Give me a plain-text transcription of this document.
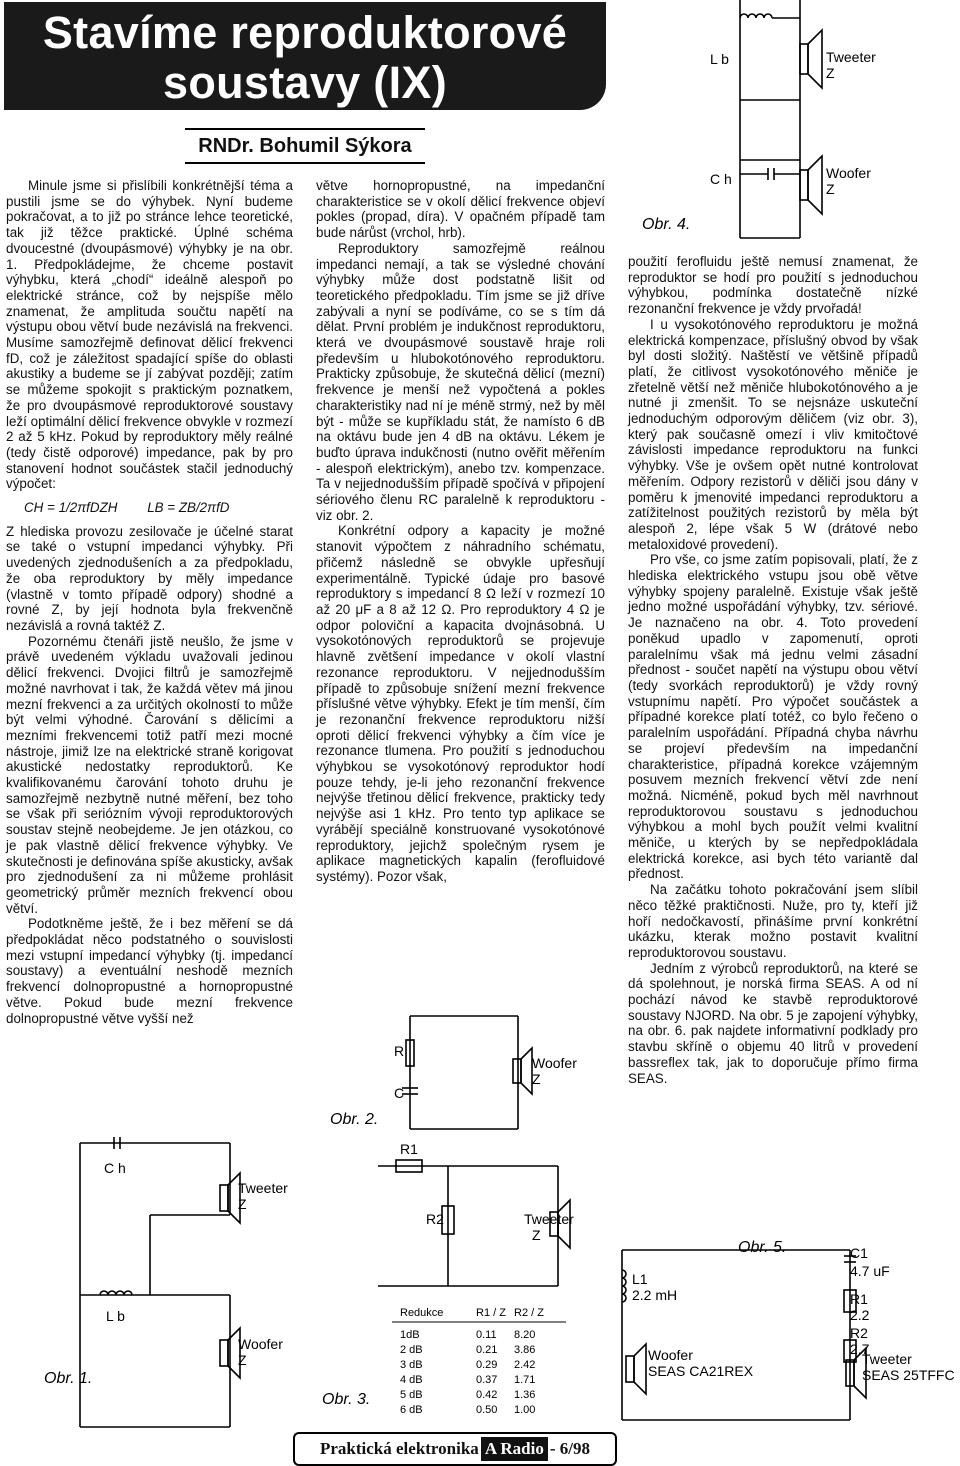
Stavíme reproduktorové
soustavy (IX)
RNDr. Bohumil Sýkora

Minule jsme si přislíbili konkrétnější téma a pustili jsme se do výhybek. Nyní budeme pokračovat, a to již po stránce lehce teoretické, tak již těžce praktické. Úplné schéma dvoucestné (dvoupásmové) výhybky je na obr. 1. Předpokládejme, že chceme postavit výhybku, která „chodí“ ideálně alespoň po elektrické stránce, což by nejspíše mělo znamenat, že amplituda součtu napětí na výstupu obou větví bude nezávislá na frekvenci. Musíme samozřejmě definovat dělicí frekvenci fD, což je záležitost spadající spíše do oblasti akustiky a budeme se jí zabývat později; zatím se můžeme spokojit s praktickým poznatkem, že pro dvoupásmové reproduktorové soustavy leží optimální dělicí frekvence obvykle v rozmezí 2 až 5 kHz. Pokud by reproduktory měly reálné (tedy čistě odporové) impedance, pak by pro stanovení hodnot součástek stačil jednoduchý výpočet:

CH = 1/2πfDZH        LB = ZB/2πfD

Z hlediska provozu zesilovače je účelné starat se také o vstupní impedanci výhybky. Při uvedených zjednodušeních a za předpokladu, že oba reproduktory by měly impedance (vlastně v tomto případě odpory) shodné a rovné Z, by její hodnota byla frekvenčně nezávislá a rovná taktéž Z.

Pozornému čtenáři jistě neušlo, že jsme v právě uvedeném výkladu uvažovali jedinou dělicí frekvenci. Dvojici filtrů je samozřejmě možné navrhovat i tak, že každá větev má jinou mezní frekvenci a za určitých okolností to může být velmi výhodné. Čarování s dělicími a mezními frekvencemi totiž patří mezi mocné nástroje, jimiž lze na elektrické straně korigovat akustické nedostatky reproduktorů. Ke kvalifikovanému čarování tohoto druhu je samozřejmě nezbytně nutné měření, bez toho se však při seriózním vývoji reproduktorových soustav stejně neobejdeme. Je jen otázkou, co je pak vlastně dělicí frekvence výhybky. Ve skutečnosti je definována spíše akusticky, avšak pro zjednodušení za ni můžeme prohlásit geometrický průměr mezních frekvencí obou větví.

Podotkněme ještě, že i bez měření se dá předpokládat něco podstatného o souvislosti mezi vstupní impedancí výhybky (tj. impedancí soustavy) a eventuální neshodě mezních frekvencí dolnopropustné a hornopropustné větve. Pokud bude mezní frekvence dolnopropustné větve vyšší než

větve hornopropustné, na impedanční charakteristice se v okolí dělicí frekvence objeví pokles (propad, díra). V opačném případě tam bude nárůst (vrchol, hrb).

Reproduktory samozřejmě reálnou impedanci nemají, a tak se výsledné chování výhybky může dost podstatně lišit od teoretického předpokladu. Tím jsme se již dříve zabývali a nyní se podíváme, co se s tím dá dělat. První problém je indukčnost reproduktoru, která ve dvoupásmové soustavě hraje roli především u hlubokotónového reproduktoru. Prakticky způsobuje, že skutečná dělicí (mezní) frekvence je menší než vypočtená a pokles charakteristiky nad ní je méně strmý, než by měl být - může se kupříkladu stát, že namísto 6 dB na oktávu bude jen 4 dB na oktávu. Lékem je buďto úprava indukčnosti (nutno ověřit měřením - alespoň elektrickým), anebo tzv. kompenzace. Ta v nejjednodušším případě spočívá v připojení sériového členu RC paralelně k reproduktoru - viz obr. 2.

Konkrétní odpory a kapacity je možné stanovit výpočtem z náhradního schématu, přičemž následně se obvykle upřesňují experimentálně. Typické údaje pro basové reproduktory s impedancí 8 Ω leží v rozmezí 10 až 20 μF a 8 až 12 Ω. Pro reproduktory 4 Ω je odpor poloviční a kapacita dvojnásobná. U vysokotónových reproduktorů se projevuje hlavně zvětšení impedance v okolí vlastní rezonance reproduktoru. V nejjednodušším případě to způsobuje snížení mezní frekvence příslušné větve výhybky. Efekt je tím menší, čím je rezonanční frekvence reproduktoru nižší oproti dělicí frekvenci výhybky a čím více je rezonance tlumena. Pro použití s jednoduchou výhybkou se vysokotónový reproduktor hodí pouze tehdy, je-li jeho rezonanční frekvence nejvýše třetinou dělicí frekvence, prakticky tedy nejvýše asi 1 kHz. Pro tento typ aplikace se vyrábějí speciálně konstruované vysokotónové reproduktory, jejichž společným rysem je aplikace magnetických kapalin (ferofluidové systémy). Pozor však,

použití ferofluidu ještě nemusí znamenat, že reproduktor se hodí pro použití s jednoduchou výhybkou, podmínka dostatečně nízké rezonanční frekvence je vždy prvořadá!

I u vysokotónového reproduktoru je možná elektrická kompenzace, příslušný obvod by však byl dosti složitý. Naštěstí ve většině případů platí, že citlivost vysokotónového měniče je zřetelně větší než měniče hlubokotónového a je nutné ji zmenšit. To se nejsnáze uskuteční jednoduchým odporovým děličem (viz obr. 3), který pak současně omezí i vliv kmitočtové závislosti impedance reproduktoru na funkci výhybky. Vše je ovšem opět nutné kontrolovat měřením. Odpory rezistorů v děliči jsou dány v poměru k jmenovité impedanci reproduktoru a zatížitelnost použitých rezistorů by měla být alespoň 2, lépe však 5 W (drátové nebo metaloxidové provedení).

Pro vše, co jsme zatím popisovali, platí, že z hlediska elektrického vstupu jsou obě větve výhybky spojeny paralelně. Existuje však ještě jedno možné uspořádání výhybky, tzv. sériové. Je naznačeno na obr. 4. Toto provedení poněkud upadlo v zapomenutí, oproti paralelnímu však má jednu velmi zásadní přednost - součet napětí na výstupu obou větví (tedy svorkách reproduktorů) je vždy rovný vstupnímu napětí. Pro výpočet součástek a případné korekce platí totéž, co bylo řečeno o paralelním uspořádání. Případná chyba návrhu se projeví především na impedanční charakteristice, případná korekce vzájemným posuvem mezních frekvencí větví zde není možná. Nicméně, pokud bych měl navrhnout reproduktorovou soustavu s jednoduchou výhybkou a mohl bych použít velmi kvalitní měniče, u kterých by se nepředpokládala elektrická korekce, asi bych této variantě dal přednost.

Na začátku tohoto pokračování jsem slíbil něco těžké praktičnosti. Nuže, pro ty, kteří již hoří nedočkavostí, přinášíme první konkrétní ukázku, kterak možno postavit kvalitní reproduktorovou soustavu.

Jedním z výrobců reproduktorů, na které se dá spolehnout, je norská firma SEAS. A od ní pochází návod ke stavbě reproduktorové soustavy NJORD. Na obr. 5 je zapojení výhybky, na obr. 6. pak najdete informativní podklady pro stavbu skříně o objemu 40 litrů v provedení bassreflex tak, jak to doporučuje přímo firma SEAS.

L b	Tweeter
Z
C h	Woofer
Z
Obr. 4.
C h
Tweeter
Z
L b
Woofer
Z
Obr. 1.
R
C
Woofer
Z
Obr. 2.
R1
R2	Tweeter
Z
Redukce	R1 / Z R2 / Z
1dB	0.11 8.20
2 dB	0.21 3.86
3 dB	0.29 2.42
4 dB	0.37 1.71
5 dB	0.42 1.36
6 dB	0.50 1.00
Obr. 3.
Obr. 5.	C1
4.7 uF
L1
2.2 mH	R1
2.2
R2
2.7
Woofer
SEAS CA21REX
Tweeter
SEAS 25TFFC
Praktická elektronika A Radio - 6/98
